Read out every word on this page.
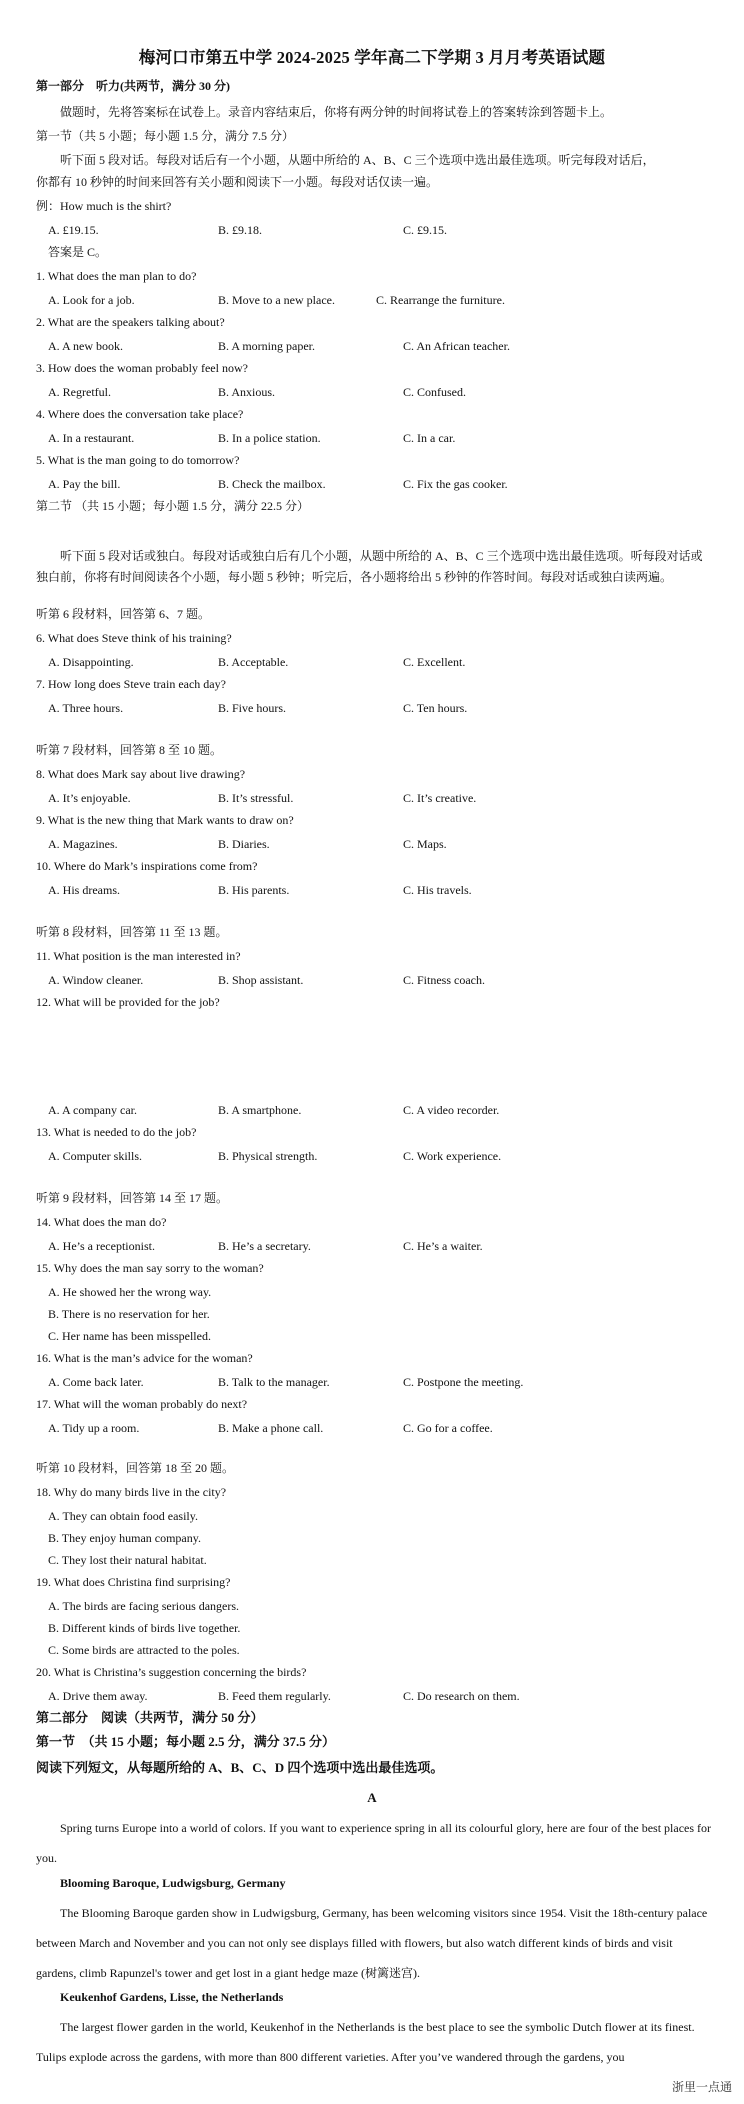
梅河口市第五中学 2024-2025 学年高二下学期 3 月月考英语试题
第一部分　听力(共两节，满分 30 分)
做题时，先将答案标在试卷上。录音内容结束后，你将有两分钟的时间将试卷上的答案转涂到答题卡上。
第一节（共 5 小题；每小题 1.5 分，满分 7.5 分）
听下面 5 段对话。每段对话后有一个小题，从题中所给的 A、B、C 三个选项中选出最佳选项。听完每段对话后，
你都有 10 秒钟的时间来回答有关小题和阅读下一小题。每段对话仅读一遍。
例：How much is the shirt?
A. £19.15.	B. £9.18.	C. £9.15.
答案是 C。
1. What does the man plan to do?
A. Look for a job.	B. Move to a new place.	C. Rearrange the furniture.
2. What are the speakers talking about?
A. A new book.	B. A morning paper.	C. An African teacher.
3. How does the woman probably feel now?
A. Regretful.	B. Anxious.	C. Confused.
4. Where does the conversation take place?
A. In a restaurant.	B. In a police station.	C. In a car.
5. What is the man going to do tomorrow?
A. Pay the bill.	B. Check the mailbox.	C. Fix the gas cooker.
第二节 （共 15 小题；每小题 1.5 分，满分 22.5 分）
听下面 5 段对话或独白。每段对话或独白后有几个小题，从题中所给的 A、B、C 三个选项中选出最佳选项。听每段对话或独白前，你将有时间阅读各个小题，每小题 5 秒钟；听完后，各小题将给出 5 秒钟的作答时间。每段对话或独白读两遍。
听第 6 段材料，回答第 6、7 题。
6. What does Steve think of his training?
A. Disappointing.	B. Acceptable.	C. Excellent.
7. How long does Steve train each day?
A. Three hours.	B. Five hours.	C. Ten hours.
听第 7 段材料，回答第 8 至 10 题。
8. What does Mark say about live drawing?
A. It’s enjoyable.	B. It’s stressful.	C. It’s creative.
9. What is the new thing that Mark wants to draw on?
A. Magazines.	B. Diaries.	C. Maps.
10. Where do Mark’s inspirations come from?
A. His dreams.	B. His parents.	C. His travels.
听第 8 段材料，回答第 11 至 13 题。
11. What position is the man interested in?
A. Window cleaner.	B. Shop assistant.	C. Fitness coach.
12. What will be provided for the job?
A. A company car.	B. A smartphone.	C. A video recorder.
13. What is needed to do the job?
A. Computer skills.	B. Physical strength.	C. Work experience.
听第 9 段材料，回答第 14 至 17 题。
14. What does the man do?
A. He’s a receptionist.	B. He’s a secretary.	C. He’s a waiter.
15. Why does the man say sorry to the woman?
A. He showed her the wrong way.
B. There is no reservation for her.
C. Her name has been misspelled.
16. What is the man’s advice for the woman?
A. Come back later.	B. Talk to the manager.	C. Postpone the meeting.
17. What will the woman probably do next?
A. Tidy up a room.	B. Make a phone call.	C. Go for a coffee.
听第 10 段材料，回答第 18 至 20 题。
18. Why do many birds live in the city?
A. They can obtain food easily.
B. They enjoy human company.
C. They lost their natural habitat.
19. What does Christina find surprising?
A. The birds are facing serious dangers.
B. Different kinds of birds live together.
C. Some birds are attracted to the poles.
20. What is Christina’s suggestion concerning the birds?
A. Drive them away.	B. Feed them regularly.	C. Do research on them.
第二部分　阅读（共两节，满分 50 分）
第一节　（共 15 小题；每小题 2.5 分，满分 37.5 分）
阅读下列短文，从每题所给的 A、B、C、D 四个选项中选出最佳选项。
A
Spring turns Europe into a world of colors. If you want to experience spring in all its colourful glory, here are four of the best places for you.
Blooming Baroque, Ludwigsburg, Germany
The Blooming Baroque garden show in Ludwigsburg, Germany, has been welcoming visitors since 1954. Visit the 18th-century palace between March and November and you can not only see displays filled with flowers, but also watch different kinds of birds and visit gardens, climb Rapunzel's tower and get lost in a giant hedge maze (树篱迷宫).
Keukenhof Gardens, Lisse, the Netherlands
The largest flower garden in the world, Keukenhof in the Netherlands is the best place to see the symbolic Dutch flower at its finest. Tulips explode across the gardens, with more than 800 different varieties. After you’ve wandered through the gardens, you
浙里一点通
